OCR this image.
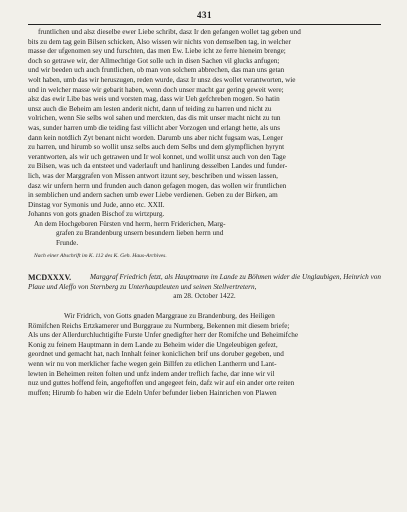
431

fruntlichen und alsz dieselbe ewer Liebe schribt, dasz Ir den gefangen wollet tag geben und

bits zu dem tag gein Bilsen schicken, Also wissen wir nichts von demselben tag, in welcher

masse der ufgenomen sey und furschten, das men Ew. Liebe icht ze ferre hieneim brenge;

doch so getrawe wir, der Allmechtige Got solle uch in disen Sachen vil glucks anfugen;

und wir beeden uch auch fruntlichen, ob man von solchem abbrechen, das man uns getan

wolt haben, umb das wir heruszugen, reden wurde, dasz Ir unsz des wollet verantworten, wie

und in welcher masse wir gebarit haben, wenn doch unser macht gar gering geweit were;

alsz das ewir Libe bas weis und vorsten mag, dass wir Ueh gefchreben mogen. So hatin

unsz auch die Beheim am lesten anderit nicht, dann uf teiding zu harren und nicht zu

volrichen, wenn Sie selbs wol sahen und merckten, das dis mit unser macht nicht zu tun

was, sunder harren umb die teiding fast villicht aber Vorzogen und erlangt hette, als uns

dann kein notdlich Zyt benant nicht worden. Darumb uns aber nicht fugsam was, Lenger

zu harren, und hirumb so wollit unsz selbs auch dem Selbs und dem glympflichen hyrynt

verantworten, als wir uch getrawen und Ir wol konnet, und wollit unsz auch von den Tage

zu Bilsen, was uch da entsteet und vaderlauft und hanlirung desselben Landes und funder-

lich, was der Marggrafen von Missen antwort itzunt sey, beschriben und wissen lassen,

dasz wir unfern herrn und frunden auch danon gefagen mogen, das wollen wir fruntlichen

in semblichen und andern sachen umb ewer Liebe verdienen. Geben zu der Birken, am

Dinstag vor Symonis und Jude, anno etc. XXII.

Johanns von gots gnaden Bischof zu wirtzpurg.

An dem Hochgeboren Fürsten vnd herrn, herrn Friderichen, Marg-

grafen zu Brandenburg unsern besundern lieben herrn und

Frunde.

Nach einer Abschrift im K. 112 des K. Geh. Haus-Archives.

MCDXXXV.	Marggraf Friedrich fetzt, als Hauptmann im Lande zu Böhmen wider die Unglaubigen, Heinrich von Plaue und Aleffo von Sternberg zu Unterhauptleuten und seinen Stellvertretern,
am 28. October 1422.

Wir Fridrich, von Gotts gnaden Marggraue zu Brandenburg, des Heiligen

Römifchen Reichs Ertzkamerer und Burggraue zu Nurmberg, Bekennen mit diesem briefe;

Als uns der Allerdurchluchtigifte Furste Unfer gnedigfter herr der Romifche und Beheimifche

Konig zu feinem Hauptmann in dem Lande zu Beheim wider die Ungeleubigen gefezt,

geordnet und gemacht hat, nach Innhalt feiner koniclichen brif uns doruber gegeben, und

wenn wir nu von merklicher fache wegen gein Billfen zu etlichen Lantherrn und Lant-

lewten in Beheimen reiten folten und unfz indem ander treflich fache, dar inne wir vil

nuz und guttes hoffend fein, angeftoffen und angegeet fein, dafz wir auf ein ander orte reiten

muffen; Hirumb fo haben wir die Edeln Unfer befunder lieben Hainrichen von Plawen
